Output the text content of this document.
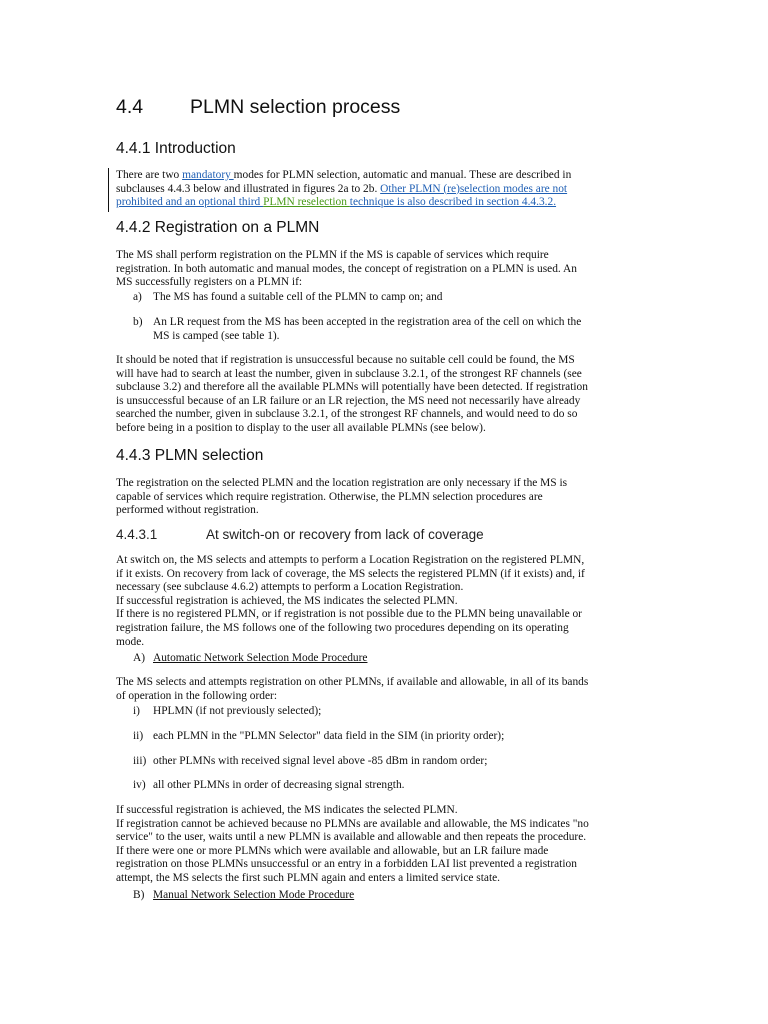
4.4 PLMN selection process
4.4.1 Introduction
There are two mandatory modes for PLMN selection, automatic and manual. These are described in
subclauses 4.4.3 below and illustrated in figures 2a to 2b. Other PLMN (re)selection modes are not
prohibited and an optional third PLMN reselection technique is also described in section 4.4.3.2.
4.4.2 Registration on a PLMN
The MS shall perform registration on the PLMN if the MS is capable of services which require
registration. In both automatic and manual modes, the concept of registration on a PLMN is used. An
MS successfully registers on a PLMN if:
a) The MS has found a suitable cell of the PLMN to camp on; and
b) An LR request from the MS has been accepted in the registration area of the cell on which the
MS is camped (see table 1).
It should be noted that if registration is unsuccessful because no suitable cell could be found, the MS
will have had to search at least the number, given in subclause 3.2.1, of the strongest RF channels (see
subclause 3.2) and therefore all the available PLMNs will potentially have been detected. If registration
is unsuccessful because of an LR failure or an LR rejection, the MS need not necessarily have already
searched the number, given in subclause 3.2.1, of the strongest RF channels, and would need to do so
before being in a position to display to the user all available PLMNs (see below).
4.4.3 PLMN selection
The registration on the selected PLMN and the location registration are only necessary if the MS is
capable of services which require registration. Otherwise, the PLMN selection procedures are
performed without registration.
4.4.3.1	At switch-on or recovery from lack of coverage
At switch on, the MS selects and attempts to perform a Location Registration on the registered PLMN,
if it exists. On recovery from lack of coverage, the MS selects the registered PLMN (if it exists) and, if
necessary (see subclause 4.6.2) attempts to perform a Location Registration.
If successful registration is achieved, the MS indicates the selected PLMN.
If there is no registered PLMN, or if registration is not possible due to the PLMN being unavailable or
registration failure, the MS follows one of the following two procedures depending on its operating
mode.
A) Automatic Network Selection Mode Procedure
The MS selects and attempts registration on other PLMNs, if available and allowable, in all of its bands
of operation in the following order:
i) HPLMN (if not previously selected);
ii) each PLMN in the "PLMN Selector" data field in the SIM (in priority order);
iii) other PLMNs with received signal level above -85 dBm in random order;
iv) all other PLMNs in order of decreasing signal strength.
If successful registration is achieved, the MS indicates the selected PLMN.
If registration cannot be achieved because no PLMNs are available and allowable, the MS indicates "no
service" to the user, waits until a new PLMN is available and allowable and then repeats the procedure.
If there were one or more PLMNs which were available and allowable, but an LR failure made
registration on those PLMNs unsuccessful or an entry in a forbidden LAI list prevented a registration
attempt, the MS selects the first such PLMN again and enters a limited service state.
B) Manual Network Selection Mode Procedure
